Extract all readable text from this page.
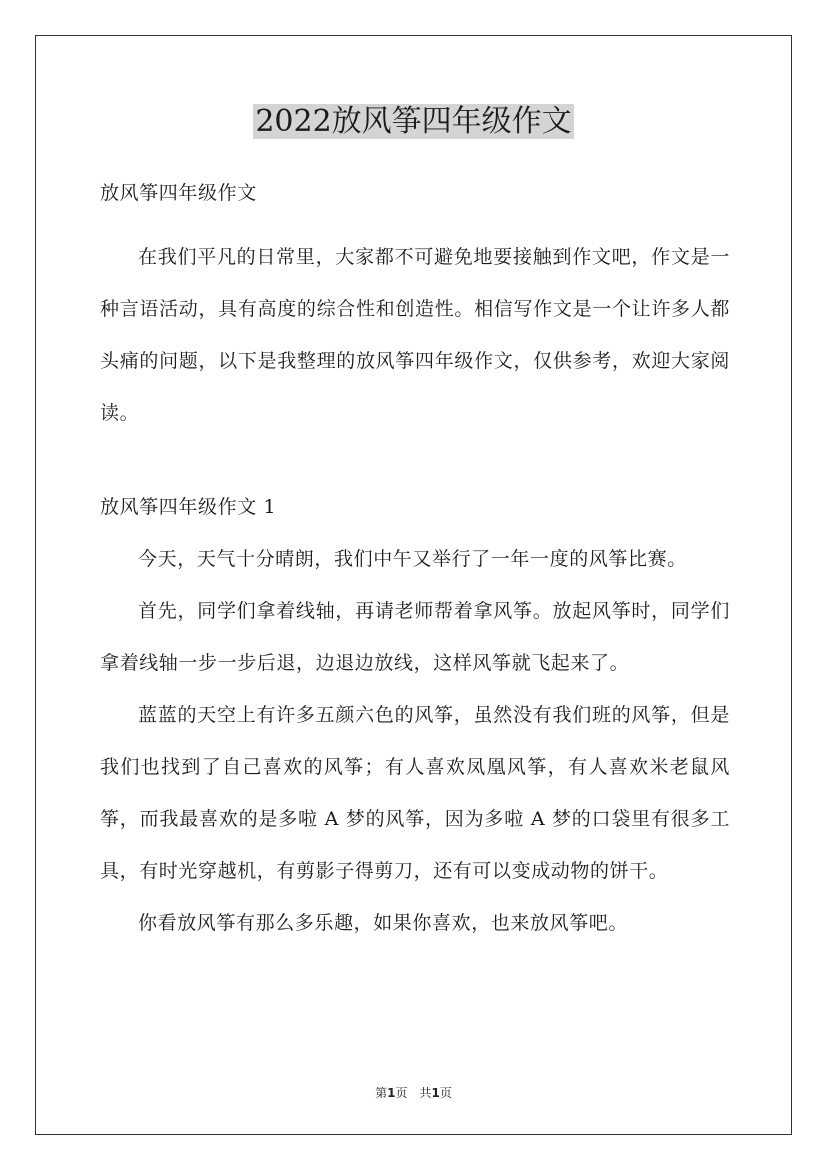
2022放风筝四年级作文

放风筝四年级作文

在我们平凡的日常里，大家都不可避免地要接触到作文吧，作文是一种言语活动，具有高度的综合性和创造性。相信写作文是一个让许多人都头痛的问题，以下是我整理的放风筝四年级作文，仅供参考，欢迎大家阅读。

放风筝四年级作文 1

今天，天气十分晴朗，我们中午又举行了一年一度的风筝比赛。

首先，同学们拿着线轴，再请老师帮着拿风筝。放起风筝时，同学们拿着线轴一步一步后退，边退边放线，这样风筝就飞起来了。

蓝蓝的天空上有许多五颜六色的风筝，虽然没有我们班的风筝，但是我们也找到了自己喜欢的风筝；有人喜欢凤凰风筝，有人喜欢米老鼠风筝，而我最喜欢的是多啦 A 梦的风筝，因为多啦 A 梦的口袋里有很多工具，有时光穿越机，有剪影子得剪刀，还有可以变成动物的饼干。

你看放风筝有那么多乐趣，如果你喜欢，也来放风筝吧。

第1页　共1页
